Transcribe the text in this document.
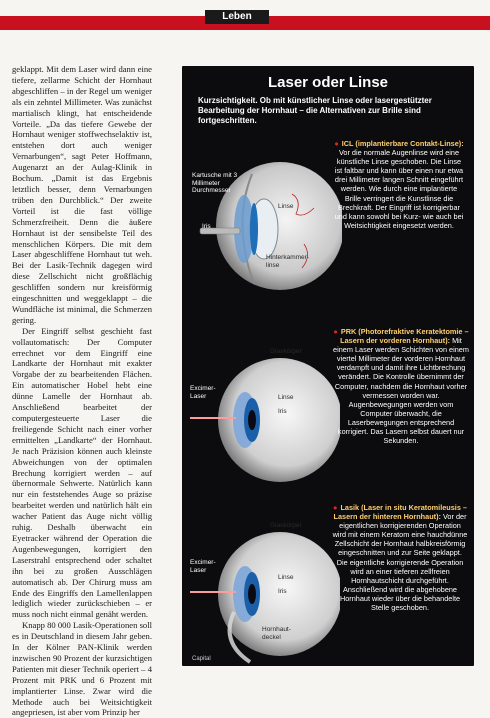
Leben

geklappt. Mit dem Laser wird dann eine tiefere, zellarme Schicht der Hornhaut abgeschliffen – in der Regel um weniger als ein zehntel Millimeter. Was zunächst martialisch klingt, hat entscheidende Vorteile. „Da das tiefere Gewebe der Hornhaut weniger stoffwechselaktiv ist, entstehen dort auch weniger Vernarbungen“, sagt Peter Hoffmann, Augenarzt an der Aulag-Klinik in Bochum. „Damit ist das Ergebnis letztlich besser, denn Vernarbungen trüben den Durchblick.“ Der zweite Vorteil ist die fast völlige Schmerzfreiheit. Denn die äußere Hornhaut ist der sensibelste Teil des menschlichen Körpers. Die mit dem Laser abgeschliffene Hornhaut tut weh. Bei der Lasik-Technik dagegen wird diese Zellschicht nicht großflächig geschliffen sondern nur kreisförmig eingeschnitten und weggeklappt – die Wundfläche ist minimal, die Schmerzen gering.

Der Eingriff selbst geschieht fast vollautomatisch: Der Computer errechnet vor dem Eingriff eine Landkarte der Hornhaut mit exakter Vorgabe der zu bearbeitenden Flächen. Ein automatischer Hobel hebt eine dünne Lamelle der Hornhaut ab. Anschließend bearbeitet der computergesteuerte Laser die freiliegende Schicht nach einer vorher ermittelten „Landkarte“ der Hornhaut. Je nach Präzision können auch kleinste Abweichungen von der optimalen Brechung korrigiert werden – auf übernormale Sehwerte. Natürlich kann nur ein feststehendes Auge so präzise bearbeitet werden und natürlich hält ein wacher Patient das Auge nicht völlig ruhig. Deshalb überwacht ein Eyetracker während der Operation die Augenbewegungen, korrigiert den Laserstrahl entsprechend oder schaltet ihn bei zu großen Ausschlägen automatisch ab. Der Chirurg muss am Ende des Eingriffs den Lamellenlappen lediglich wieder zurückschieben – er muss noch nicht einmal genäht werden.

Knapp 80 000 Lasik-Operationen soll es in Deutschland in diesem Jahr geben. In der Kölner PAN-Klinik werden inzwischen 90 Prozent der kurzsichtigen Patienten mit dieser Technik operiert – 4 Prozent mit PRK und 6 Prozent mit implantierter Linse. Zwar wird die Methode auch bei Weitsichtigkeit angepriesen, ist aber vom Prinzip her

Laser oder Linse
Kurzsichtigkeit. Ob mit künstlicher Linse oder lasergestützter Bearbeitung der Hornhaut – die Alternativen zur Brille sind fortgeschritten.
Kartusche mit 3 Millimeter Durchmesser
Iris
Linse
Hinterkammer-linse
● ICL (implantierbare Contakt-Linse): Vor die normale Augenlinse wird eine künstliche Linse geschoben. Die Linse ist faltbar und kann über einen nur etwa drei Millimeter langen Schnitt eingeführt werden. Wie durch eine implantierte Brille verringert die Kunstlinse die Brechkraft. Der Eingriff ist korrigierbar und kann sowohl bei Kurz- wie auch bei Weitsichtigkeit eingesetzt werden.
Glaskörper
Excimer-Laser	Linse
Iris
● PRK (Photorefraktive Keratektomie – Lasern der vorderen Hornhaut): Mit einem Laser werden Schichten von einem viertel Millimeter der vorderen Hornhaut verdampft und damit ihre Lichtbrechung verändert. Die Kontrolle übernimmt der Computer, nachdem die Hornhaut vorher vermessen worden war. Augenbewegungen werden vom Computer überwacht, die Laserbewegungen entsprechend korrigiert. Das Lasern selbst dauert nur Sekunden.
Glaskörper
Excimer-Laser
Linse
Iris
Hornhaut-deckel
● Lasik (Laser in situ Keratomileusis – Lasern der hinteren Hornhaut): Vor der eigentlichen korrigierenden Operation wird mit einem Keratom eine hauchdünne Zellschicht der Hornhaut halbkreisförmig eingeschnitten und zur Seite geklappt. Die eigentliche korrigierende Operation wird an einer tieferen zellfreien Hornhautschicht durchgeführt. Anschließend wird die abgehobene Hornhaut wieder über die behandelte Stelle geschoben.
Capital
